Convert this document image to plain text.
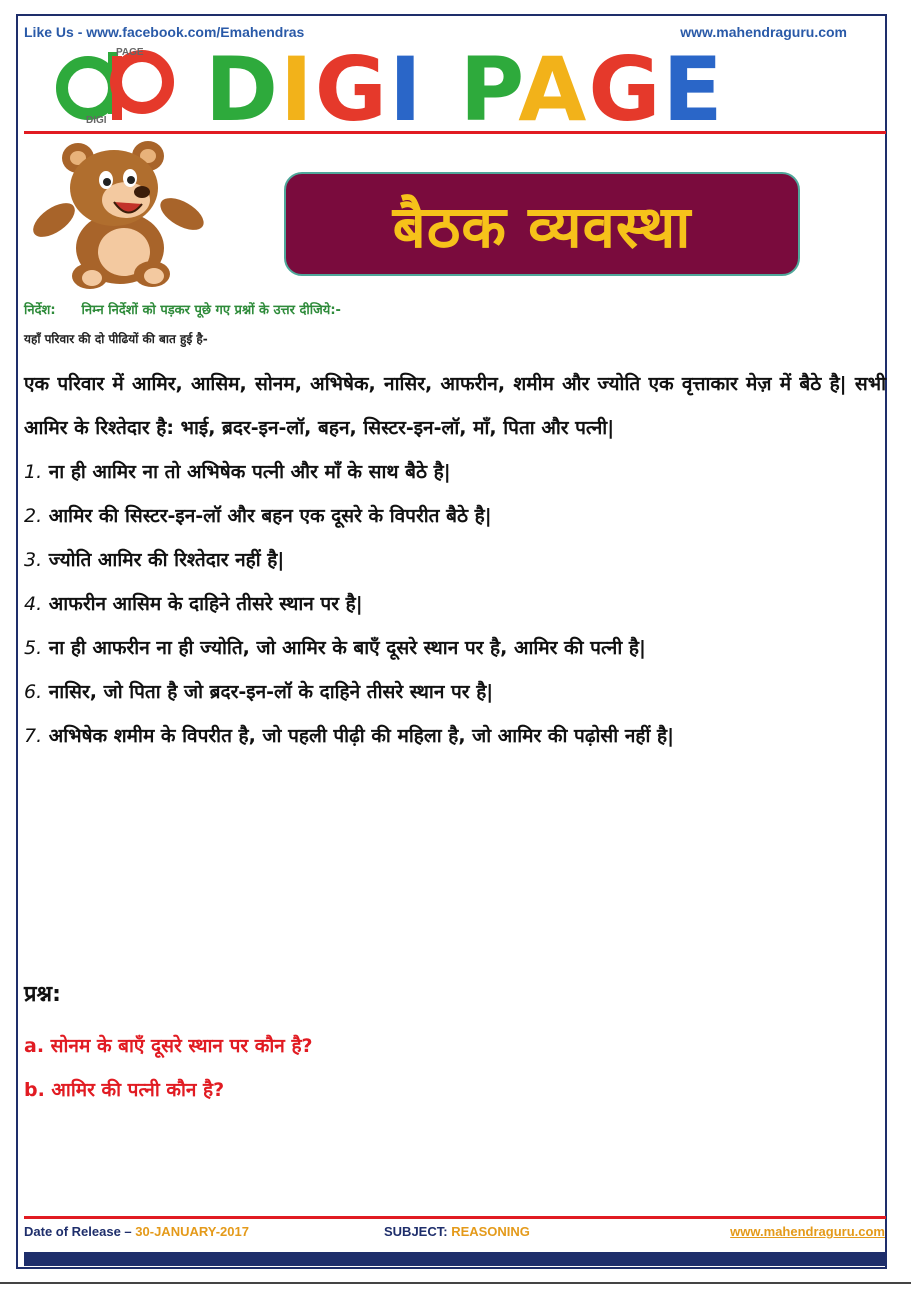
Like Us - www.facebook.com/Emahendras	www.mahendraguru.com
PAGE
DIGI DIGI PAGE
बैठक व्यवस्था
निर्देश: निम्न निर्देशों को पड़कर पूछे गए प्रश्नों के उत्तर दीजिये:-
यहाँ परिवार की दो पीढियों की बात हुई है-

एक परिवार में आमिर, आसिम, सोनम, अभिषेक, नासिर, आफरीन, शमीम और ज्योति एक वृत्ताकार मेज़ में बैठे है| सभी आमिर के रिश्तेदार है: भाई, ब्रदर-इन-लॉ, बहन, सिस्टर-इन-लॉ, माँ, पिता और पत्नी|

1. ना ही आमिर ना तो अभिषेक पत्नी और माँ के साथ बैठे है|

2. आमिर की सिस्टर-इन-लॉ और बहन एक दूसरे के विपरीत बैठे है|

3. ज्योति आमिर की रिश्तेदार नहीं है|

4. आफरीन आसिम के दाहिने तीसरे स्थान पर है|

5. ना ही आफरीन ना ही ज्योति, जो आमिर के बाएँ दूसरे स्थान पर है, आमिर की पत्नी है|

6. नासिर, जो पिता है जो ब्रदर-इन-लॉ के दाहिने तीसरे स्थान पर है|

7. अभिषेक शमीम के विपरीत है, जो पहली पीढ़ी की महिला है, जो आमिर की पढ़ोसी नहीं है|

प्रश्न:
a. सोनम के बाएँ दूसरे स्थान पर कौन है?
b. आमिर की पत्नी कौन है?
Date of Release – 30-JANUARY-2017	SUBJECT: REASONING	www.mahendraguru.com
